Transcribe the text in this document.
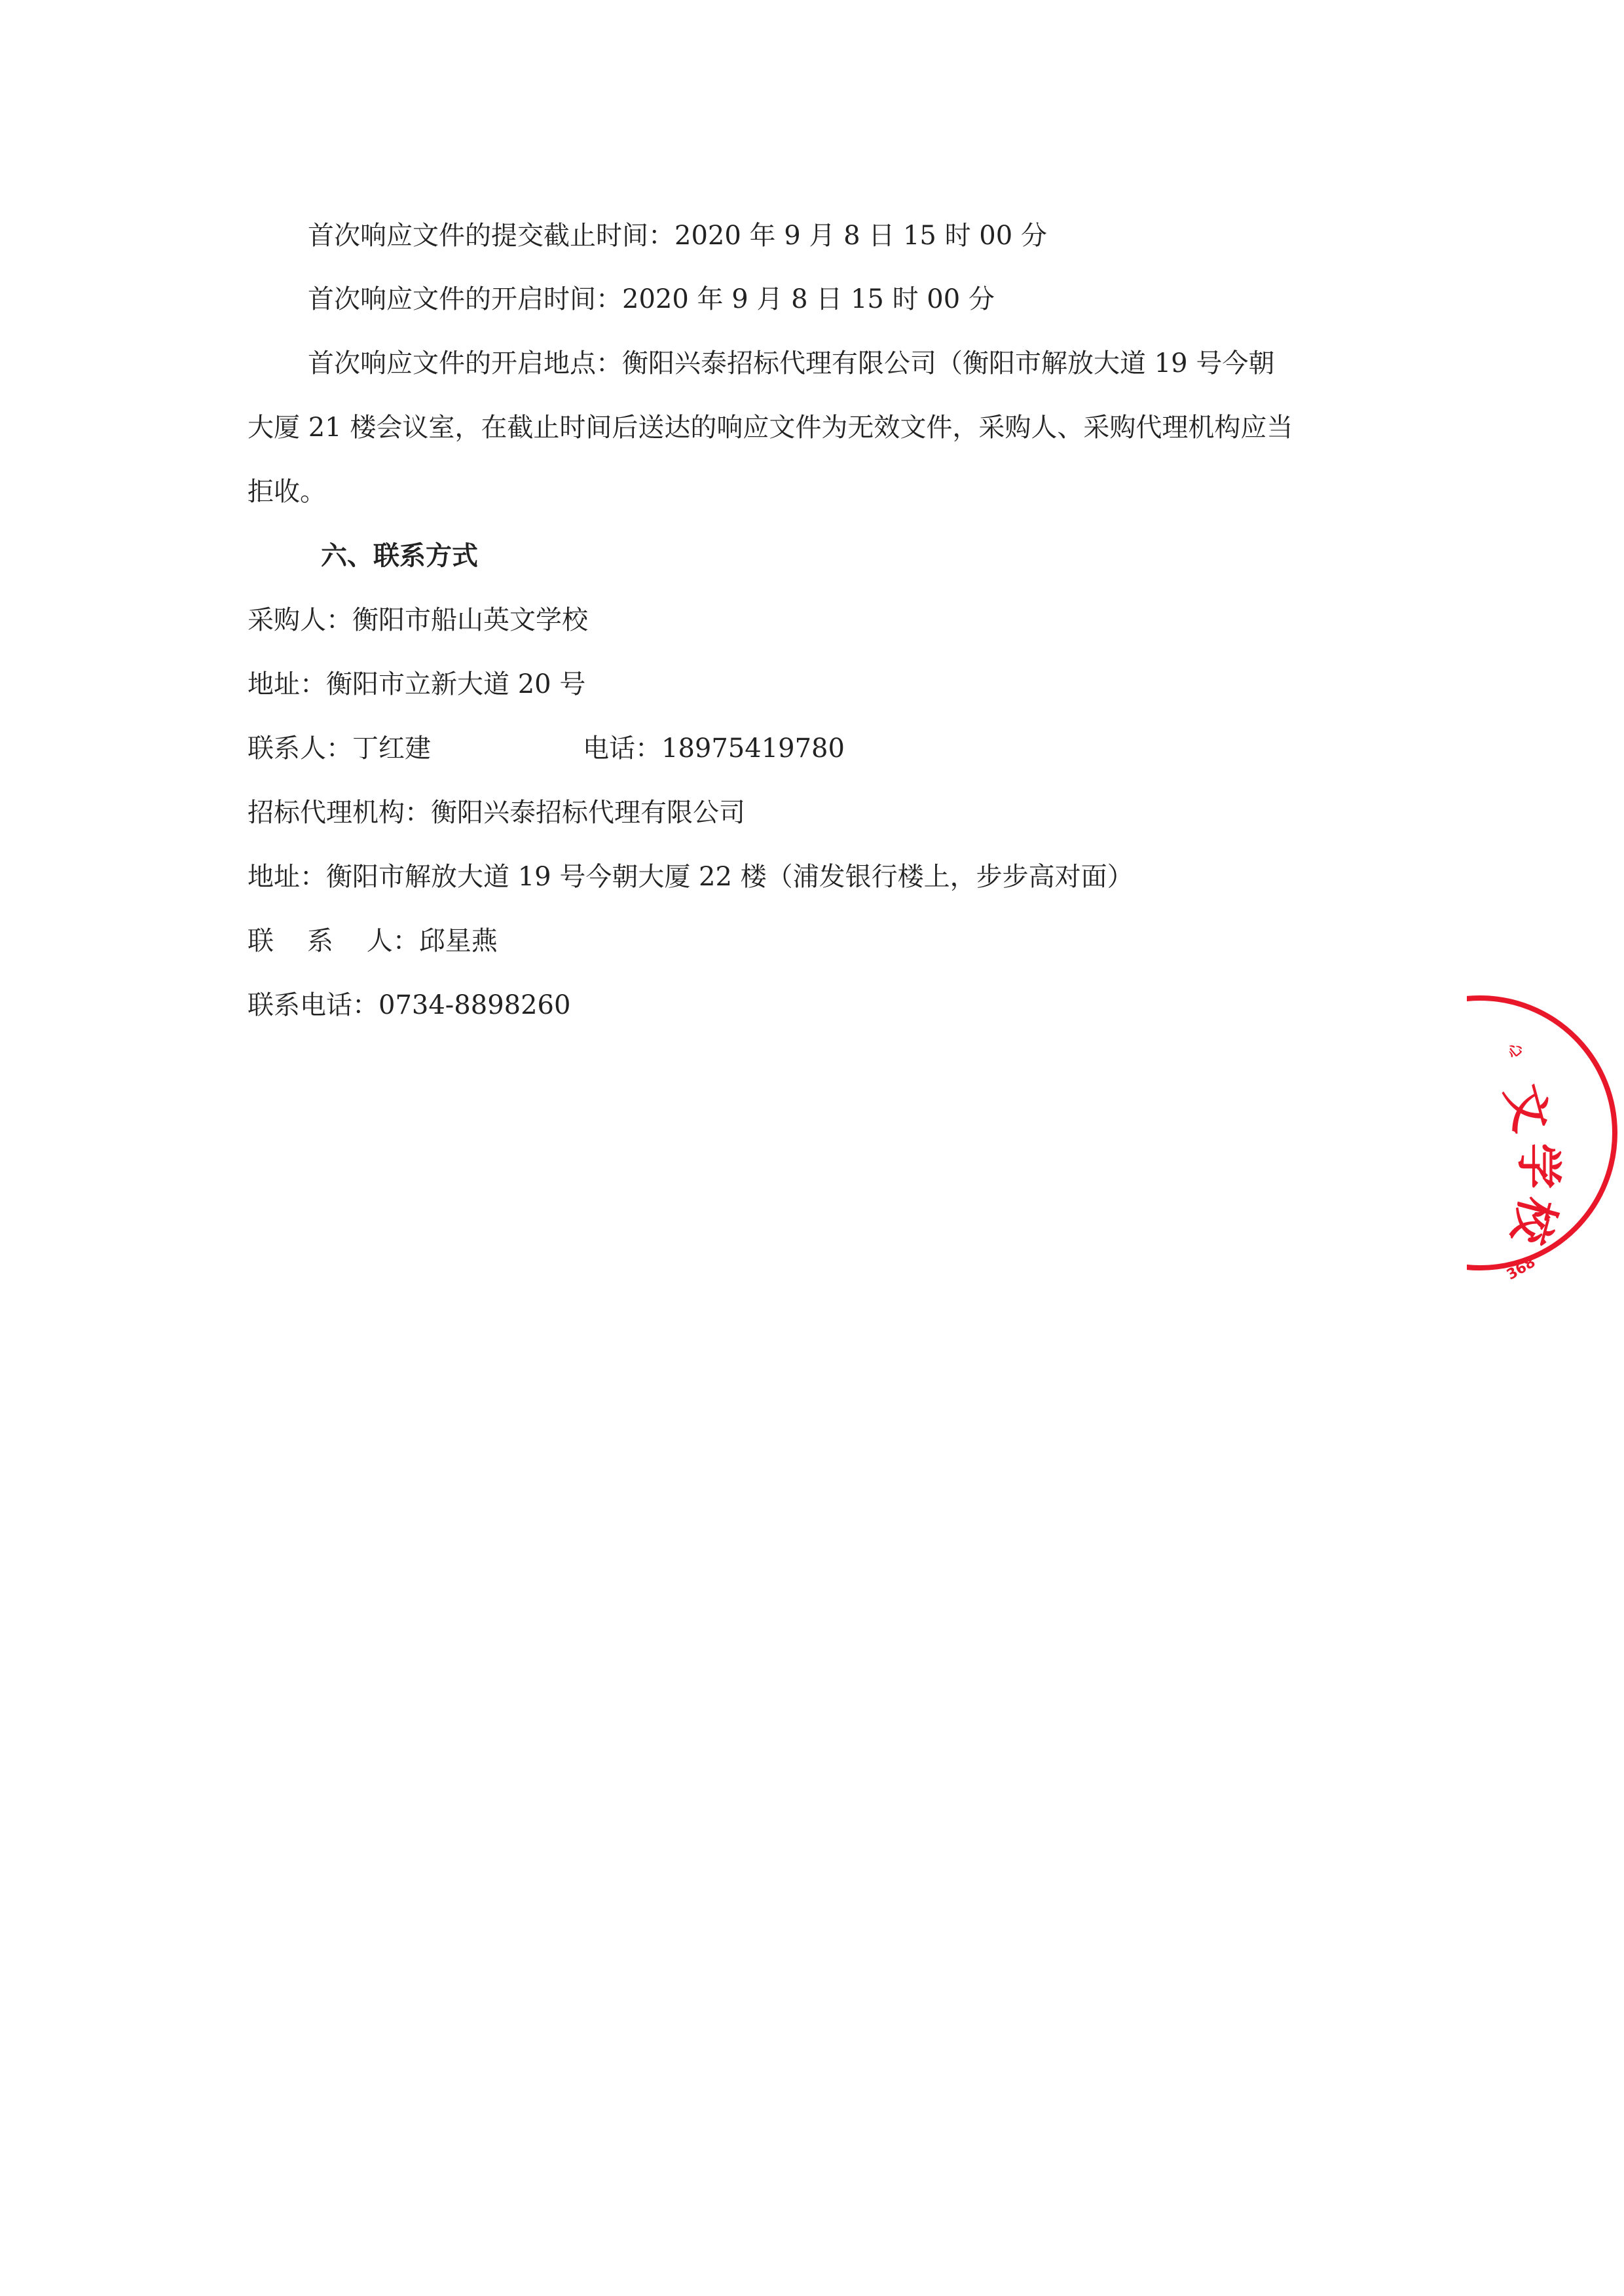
首次响应文件的提交截止时间：2020 年 9 月 8 日 15 时 00 分
首次响应文件的开启时间：2020 年 9 月 8 日 15 时 00 分
首次响应文件的开启地点：衡阳兴泰招标代理有限公司（衡阳市解放大道 19 号今朝
大厦 21 楼会议室，在截止时间后送达的响应文件为无效文件，采购人、采购代理机构应当
拒收。
六、联系方式
采购人：衡阳市船山英文学校
地址：衡阳市立新大道 20 号
联系人：丁红建	电话：18975419780
招标代理机构：衡阳兴泰招标代理有限公司
地址：衡阳市解放大道 19 号今朝大厦 22 楼（浦发银行楼上，步步高对面）
联    系    人：邱星燕
联系电话：0734-8898260
心
文
学
校
368
